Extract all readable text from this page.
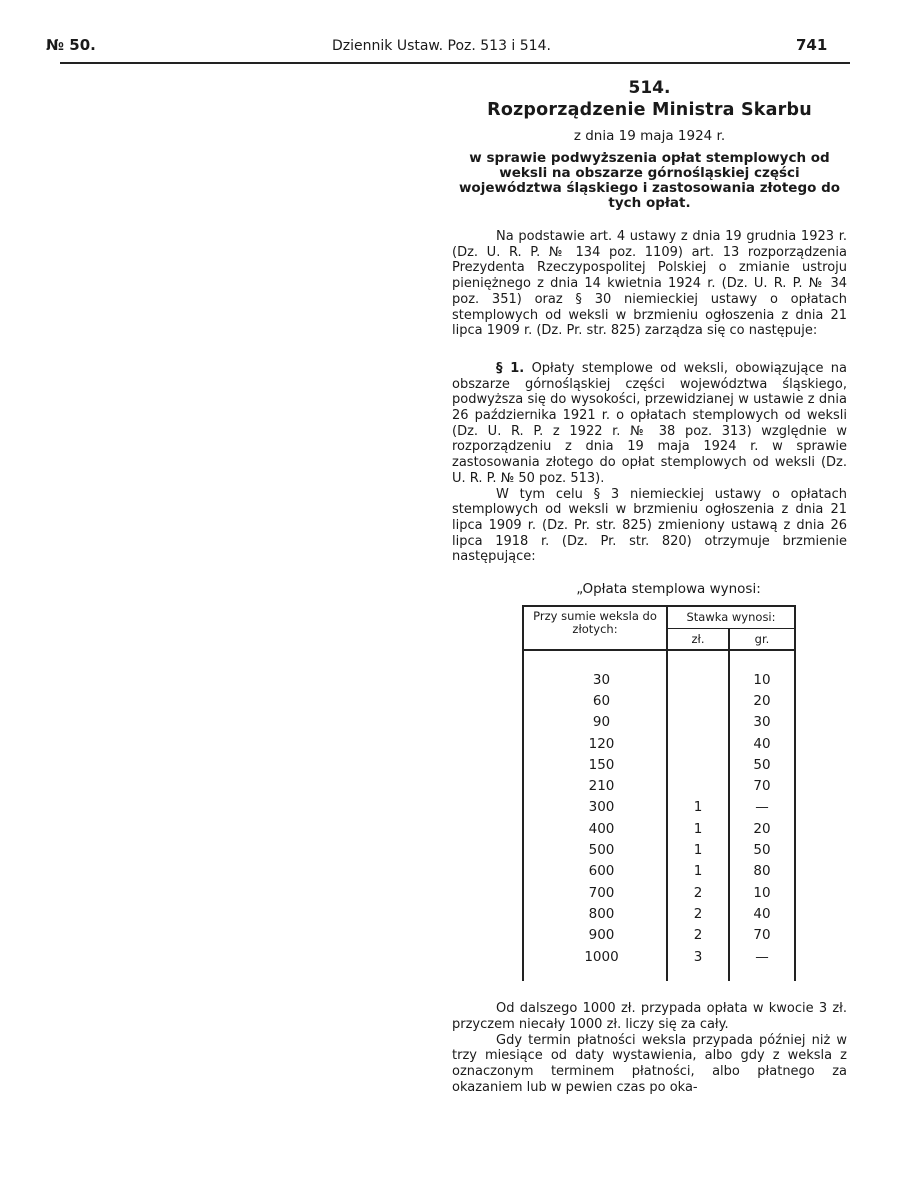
№ 50.	Dziennik Ustaw. Poz. 513 i 514.	741
514.
Rozporządzenie Ministra Skarbu
z dnia 19 maja 1924 r.
w sprawie podwyższenia opłat stemplowych od weksli na obszarze górnośląskiej części województwa śląskiego i zastosowania złotego do tych opłat.

Na podstawie art. 4 ustawy z dnia 19 grudnia 1923 r. (Dz. U. R. P. № 134 poz. 1109) art. 13 rozporządzenia Prezydenta Rzeczypospolitej Polskiej o zmianie ustroju pieniężnego z dnia 14 kwietnia 1924 r. (Dz. U. R. P. № 34 poz. 351) oraz § 30 niemieckiej ustawy o opłatach stemplowych od weksli w brzmieniu ogłoszenia z dnia 21 lipca 1909 r. (Dz. Pr. str. 825) zarządza się co następuje:

§ 1. Opłaty stemplowe od weksli, obowiązujące na obszarze górnośląskiej części województwa śląskiego, podwyższa się do wysokości, przewidzianej w ustawie z dnia 26 października 1921 r. o opłatach stemplowych od weksli (Dz. U. R. P. z 1922 r. № 38 poz. 313) względnie w rozporządzeniu z dnia 19 maja 1924 r. w sprawie zastosowania złotego do opłat stemplowych od weksli (Dz. U. R. P. № 50 poz. 513).

W tym celu § 3 niemieckiej ustawy o opłatach stemplowych od weksli w brzmieniu ogłoszenia z dnia 21 lipca 1909 r. (Dz. Pr. str. 825) zmieniony ustawą z dnia 26 lipca 1918 r. (Dz. Pr. str. 820) otrzymuje brzmienie następujące:

„Opłata stemplowa wynosi:
Przy sumie weksla do złotych:	Stawka wynosi:	
	zł.	gr.

30		10
60		20
90		30
120		40
150		50
210		70
300	1	—
400	1	20
500	1	50
600	1	80
700	2	10
800	2	40
900	2	70
1000	3	—

Od dalszego 1000 zł. przypada opłata w kwocie 3 zł. przyczem niecały 1000 zł. liczy się za cały.

Gdy termin płatności weksla przypada później niż w trzy miesiące od daty wystawienia, albo gdy z weksla z oznaczonym terminem płatności, albo płatnego za okazaniem lub w pewien czas po oka-
